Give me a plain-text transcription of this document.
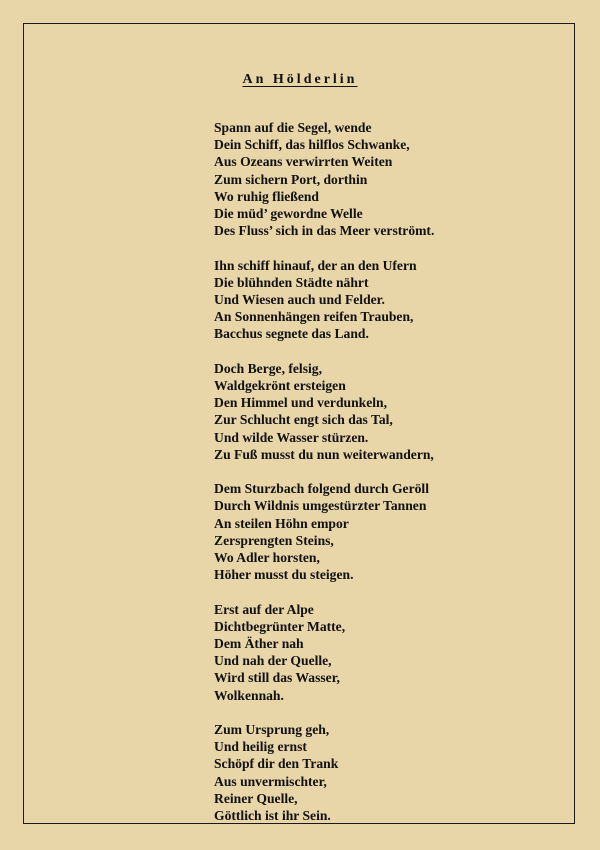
An Hölderlin
Spann auf die Segel, wende
Dein Schiff, das hilflos Schwanke,
Aus Ozeans verwirrten Weiten
Zum sichern Port, dorthin
Wo ruhig fließend
Die müd’ gewordne Welle
Des Fluss’ sich in das Meer verströmt.
Ihn schiff hinauf, der an den Ufern
Die blühnden Städte nährt
Und Wiesen auch und Felder.
An Sonnenhängen reifen Trauben,
Bacchus segnete das Land.
Doch Berge, felsig,
Waldgekrönt ersteigen
Den Himmel und verdunkeln,
Zur Schlucht engt sich das Tal,
Und wilde Wasser stürzen.
Zu Fuß musst du nun weiterwandern,
Dem Sturzbach folgend durch Geröll
Durch Wildnis umgestürzter Tannen
An steilen Höhn empor
Zersprengten Steins,
Wo Adler horsten,
Höher musst du steigen.
Erst auf der Alpe
Dichtbegrünter Matte,
Dem Äther nah
Und nah der Quelle,
Wird still das Wasser,
Wolkennah.
Zum Ursprung geh,
Und heilig ernst
Schöpf dir den Trank
Aus unvermischter,
Reiner Quelle,
Göttlich ist ihr Sein.
